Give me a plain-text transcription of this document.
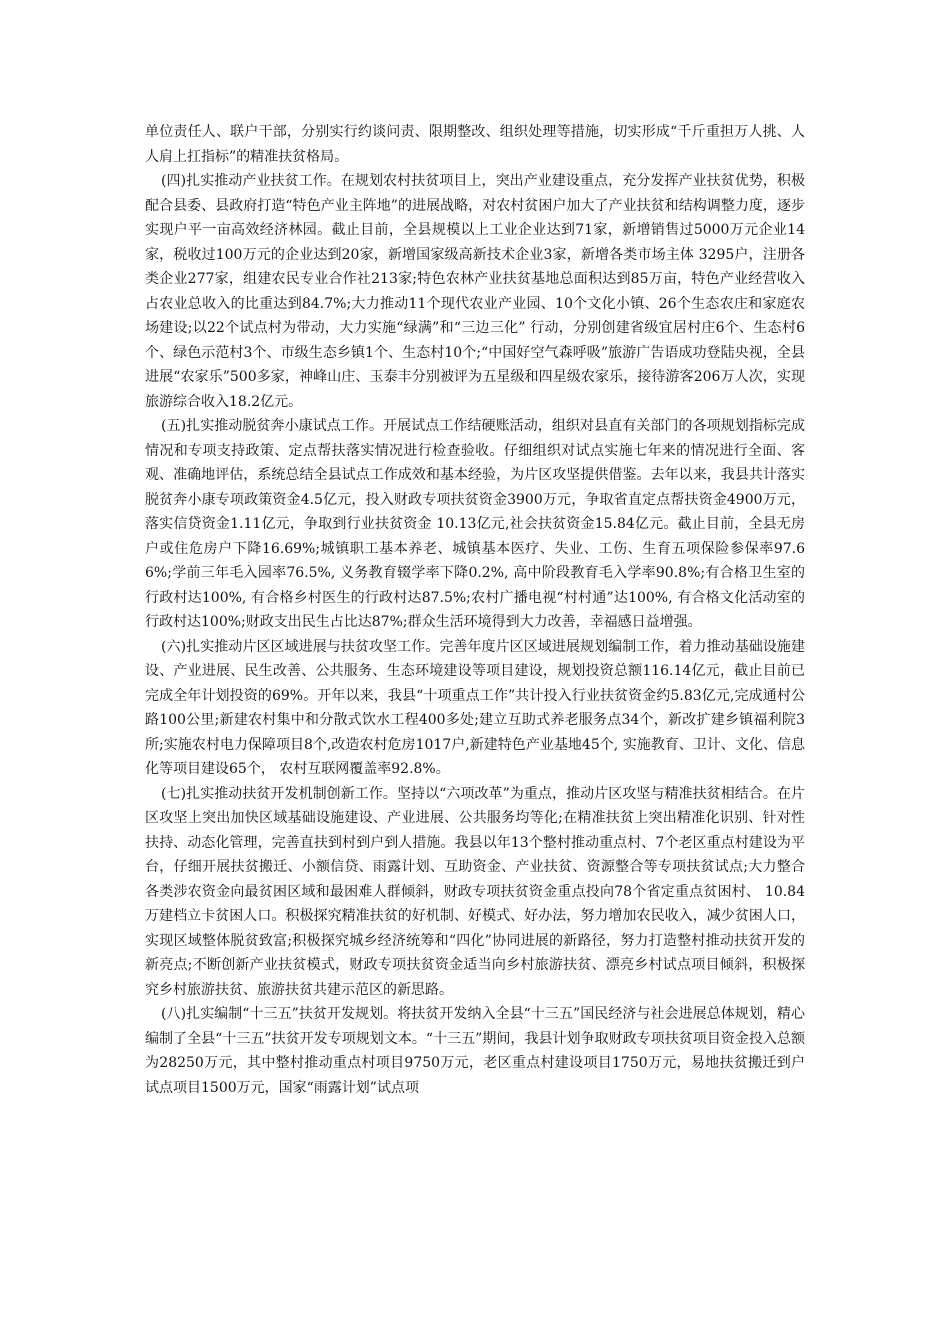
单位责任人、联户干部，分别实行约谈问责、限期整改、组织处理等措施，切实形成“千斤重担万人挑、人人肩上扛指标”的精准扶贫格局。

(四)扎实推动产业扶贫工作。在规划农村扶贫项目上，突出产业建设重点，充分发挥产业扶贫优势，积极配合县委、县政府打造“特色产业主阵地”的进展战略，对农村贫困户加大了产业扶贫和结构调整力度，逐步实现户平一亩高效经济林园。截止目前，全县规模以上工业企业达到71家，新增销售过5000万元企业14家，税收过100万元的企业达到20家，新增国家级高新技术企业3家，新增各类市场主体 3295户，注册各类企业277家，组建农民专业合作社213家;特色农林产业扶贫基地总面积达到85万亩，特色产业经营收入占农业总收入的比重达到84.7%;大力推动11个现代农业产业园、10个文化小镇、26个生态农庄和家庭农场建设;以22个试点村为带动，大力实施“绿满”和“三边三化” 行动，分别创建省级宜居村庄6个、生态村6个、绿色示范村3个、市级生态乡镇1个、生态村10个;“中国好空气森呼吸”旅游广告语成功登陆央视，全县进展“农家乐”500多家，神峰山庄、玉泰丰分别被评为五星级和四星级农家乐，接待游客206万人次，实现旅游综合收入18.2亿元。

(五)扎实推动脱贫奔小康试点工作。开展试点工作结硬账活动，组织对县直有关部门的各项规划指标完成情况和专项支持政策、定点帮扶落实情况进行检查验收。仔细组织对试点实施七年来的情况进行全面、客观、准确地评估，系统总结全县试点工作成效和基本经验，为片区攻坚提供借鉴。去年以来，我县共计落实脱贫奔小康专项政策资金4.5亿元，投入财政专项扶贫资金3900万元，争取省直定点帮扶资金4900万元，落实信贷资金1.11亿元，争取到行业扶贫资金 10.13亿元,社会扶贫资金15.84亿元。截止目前，全县无房户或住危房户下降16.69%;城镇职工基本养老、城镇基本医疗、失业、工伤、生育五项保险参保率97.66%;学前三年毛入园率76.5%, 义务教育辍学率下降0.2%, 高中阶段教育毛入学率90.8%;有合格卫生室的行政村达100%, 有合格乡村医生的行政村达87.5%;农村广播电视“村村通”达100%, 有合格文化活动室的行政村达100%;财政支出民生占比达87%;群众生活环境得到大力改善，幸福感日益增强。

(六)扎实推动片区区域进展与扶贫攻坚工作。完善年度片区区域进展规划编制工作，着力推动基础设施建设、产业进展、民生改善、公共服务、生态环境建设等项目建设，规划投资总额116.14亿元，截止目前已完成全年计划投资的69%。开年以来，我县“十项重点工作”共计投入行业扶贫资金约5.83亿元,完成通村公路100公里;新建农村集中和分散式饮水工程400多处;建立互助式养老服务点34个，新改扩建乡镇福利院3所;实施农村电力保障项目8个,改造农村危房1017户,新建特色产业基地45个, 实施教育、卫计、文化、信息化等项目建设65个， 农村互联网覆盖率92.8%。

(七)扎实推动扶贫开发机制创新工作。坚持以“六项改革”为重点，推动片区攻坚与精准扶贫相结合。在片区攻坚上突出加快区域基础设施建设、产业进展、公共服务均等化;在精准扶贫上突出精准化识别、针对性扶持、动态化管理，完善直扶到村到户到人措施。我县以年13个整村推动重点村、7个老区重点村建设为平台，仔细开展扶贫搬迁、小额信贷、雨露计划、互助资金、产业扶贫、资源整合等专项扶贫试点;大力整合各类涉农资金向最贫困区域和最困难人群倾斜，财政专项扶贫资金重点投向78个省定重点贫困村、 10.84万建档立卡贫困人口。积极探究精准扶贫的好机制、好模式、好办法，努力增加农民收入，减少贫困人口，实现区域整体脱贫致富;积极探究城乡经济统筹和“四化”协同进展的新路径，努力打造整村推动扶贫开发的新亮点;不断创新产业扶贫模式，财政专项扶贫资金适当向乡村旅游扶贫、漂亮乡村试点项目倾斜，积极探究乡村旅游扶贫、旅游扶贫共建示范区的新思路。

(八)扎实编制“十三五”扶贫开发规划。将扶贫开发纳入全县“十三五”国民经济与社会进展总体规划，精心编制了全县“十三五”扶贫开发专项规划文本。“十三五”期间，我县计划争取财政专项扶贫项目资金投入总额为28250万元，其中整村推动重点村项目9750万元，老区重点村建设项目1750万元，易地扶贫搬迁到户试点项目1500万元，国家“雨露计划”试点项
